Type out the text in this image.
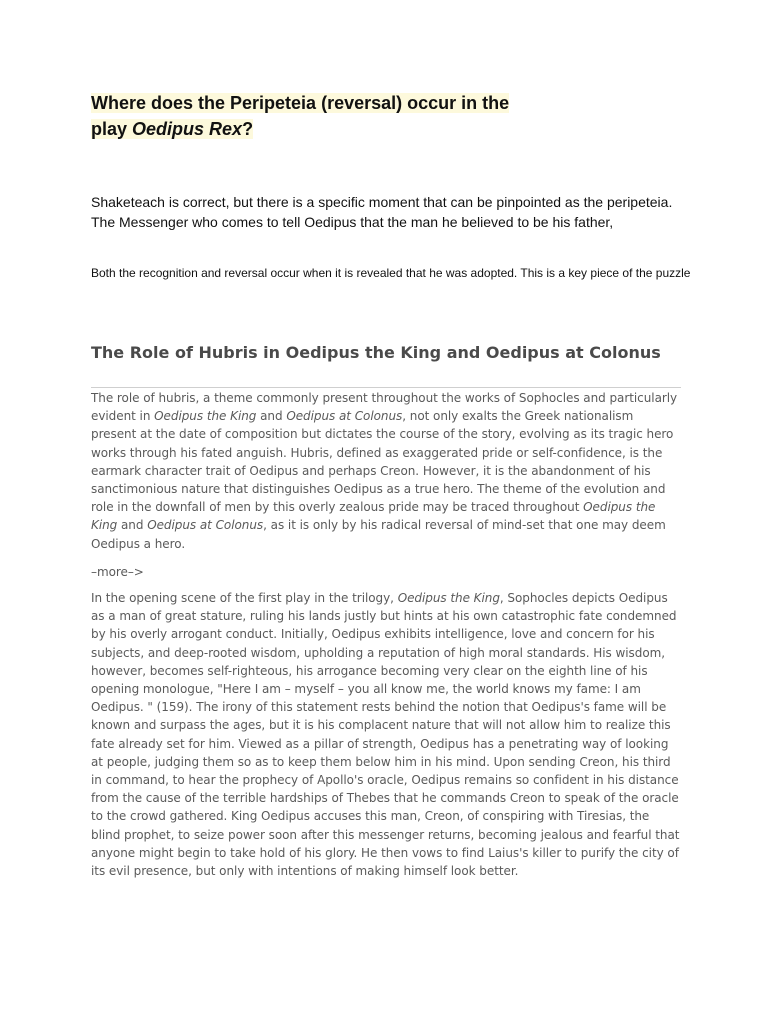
Where does the Peripeteia (reversal) occur in the
play Oedipus Rex?

Shaketeach is correct, but there is a specific moment that can be pinpointed as the peripeteia. The Messenger who comes to tell Oedipus that the man he believed to be his father,

Both the recognition and reversal occur when it is revealed that he was adopted. This is a key piece of the puzzle

The Role of Hubris in Oedipus the King and Oedipus at Colonus

The role of hubris, a theme commonly present throughout the works of Sophocles and particularly evident in Oedipus the King and Oedipus at Colonus, not only exalts the Greek nationalism present at the date of composition but dictates the course of the story, evolving as its tragic hero works through his fated anguish. Hubris, defined as exaggerated pride or self-confidence, is the earmark character trait of Oedipus and perhaps Creon. However, it is the abandonment of his sanctimonious nature that distinguishes Oedipus as a true hero. The theme of the evolution and role in the downfall of men by this overly zealous pride may be traced throughout Oedipus the King and Oedipus at Colonus, as it is only by his radical reversal of mind-set that one may deem Oedipus a hero.

–more–>

In the opening scene of the first play in the trilogy, Oedipus the King, Sophocles depicts Oedipus as a man of great stature, ruling his lands justly but hints at his own catastrophic fate condemned by his overly arrogant conduct. Initially, Oedipus exhibits intelligence, love and concern for his subjects, and deep-rooted wisdom, upholding a reputation of high moral standards. His wisdom, however, becomes self-righteous, his arrogance becoming very clear on the eighth line of his opening monologue, "Here I am – myself – you all know me, the world knows my fame: I am Oedipus. " (159). The irony of this statement rests behind the notion that Oedipus's fame will be known and surpass the ages, but it is his complacent nature that will not allow him to realize this fate already set for him. Viewed as a pillar of strength, Oedipus has a penetrating way of looking at people, judging them so as to keep them below him in his mind. Upon sending Creon, his third in command, to hear the prophecy of Apollo's oracle, Oedipus remains so confident in his distance from the cause of the terrible hardships of Thebes that he commands Creon to speak of the oracle to the crowd gathered. King Oedipus accuses this man, Creon, of conspiring with Tiresias, the blind prophet, to seize power soon after this messenger returns, becoming jealous and fearful that anyone might begin to take hold of his glory. He then vows to find Laius's killer to purify the city of its evil presence, but only with intentions of making himself look better.
